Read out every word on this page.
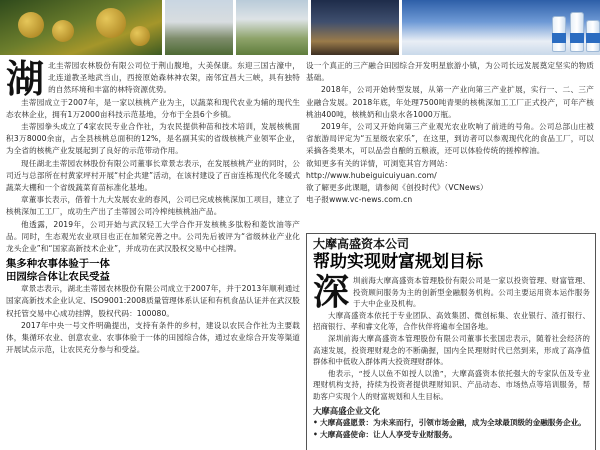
湖北圭蒂园农林股份有限公司位于荆山腹地，大美保康。东迎三国古濠中，北连道教圣地武当山，西接原始森林神农架，南邻宜昌大三峡，具有独特的自然环境和丰富的林特资源优势。

圭蒂园成立于2007年，是一家以核桃产业为主，以蔬菜和现代农业为辅的现代生态农林企业，拥有1万2000亩科技示范基地，分布于全县6个乡镇。

圭蒂园拳头成立了4家农民专业合作社，为农民提供种苗和技术培训，发展核桃面积3万8000余亩，占全县核桃总面积的12%，是名副其实的省级核桃产业领军企业，为全省的核桃产业发展起到了良好的示范带动作用。

现任湖北圭蒂园农林股份有限公司董事长章景志表示，在发展核桃产业的同时，公司近与总部所在村黄家坪村开展“村企共建”活动，在该村建设了百亩连栋现代化冬暖式蔬菜大棚和一个省级蔬菜育苗标准化基地。

章董事长表示，借着十九大发展农业的春风，公司已完成核桃深加工项目，建立了核桃深加工工厂，成功生产出了圭蒂园公司冷榨纯核桃油产品。

他透露，2019年，公司开始与武汉轻工大学合作开发核桃多肽粉和菱饮油等产品。同时，生态观光农业项目也正在加紧完善之中。公司先后被评为“省级林业产业化龙头企业”和“国家高新技术企业”，并成功在武汉股权交易中心挂牌。

集多种农事体验于一体
田园综合体让农民受益

章景志表示，湖北圭蒂园农林股份有限公司成立于2007年，并于2013年顺利通过国家高新技术企业认定、ISO9001:2008质量管理体系认证和有机食品认证并在武汉股权托管交易中心成功挂牌，股权代码：100080。

2017年中央一号文件明确提出，支持有条件的乡村，建设以农民合作社为主要载体，集循环农业、创意农业、农事体验于一体的田园综合体，通过农业综合开发等渠道开展试点示范，让农民充分参与和受益。

设一个真正的三产融合田园综合开发明星旅游小镇，为公司长远发展奠定坚实的物质基础。

2018年，公司开始转型发展，从第一产业向第三产业扩展，实行一、二、三产业融合发展。2018年底，年处理7500吨青果的核桃深加工工厂正式投产，可年产核桃油400吨，核桃奶和山泉水各1000万瓶。

2019年，公司又开始向第三产业观光农业吹响了前进的号角。公司总部山庄被省旅游局评定为“五星级农家乐”，在这里，到访者可以参观现代化的食品工厂，可以采摘各类果木，可以品尝自酿的五粮液，还可以体验传统的搓榨榨油。

欲知更多有关的详情，可浏览其官方网站：

http://www.hubeiguicuiyuan.com/

欲了解更多此课题，请参阅《创投时代》（VCNews）

电子报www.vc-news.com.cn

大摩高盛资本公司
帮助实现财富规划目标

深圳前海大摩高盛资本管理股份有限公司是一家以投资管理、财富管理、投资顾问服务为主的创新型金融服务机构。公司主要运用资本运作服务于大中企业及机构。

大摩高盛资本依托于专业团队、高效集团、微创标集、农业银行、渣打银行、招商银行、孝和睿文化等，合作伙伴将遍布全国各地。

深圳前海大摩高盛资本管理股份有限公司董事长张国忠表示，随着社会经济的高速发展，投资理财观念的不断确握，国内全民理财时代已然到来，形成了高净值群体和中低收入群体两大投资理财群体。

他表示，“授人以鱼不如授人以渔”，大摩高盛资本依托强大的专家队伍及专业理财机构支持，持续为投资者提供理财知识、产品动态、市场热点等培训服务，帮助客户实现个人的财富规划和人生目标。

大摩高盛企业文化
• 大摩高盛愿景：为未来而行，引领市场金融，成为全球最顶级的金融服务企业。
• 大摩高盛使命：让人人享受专业财服务。
